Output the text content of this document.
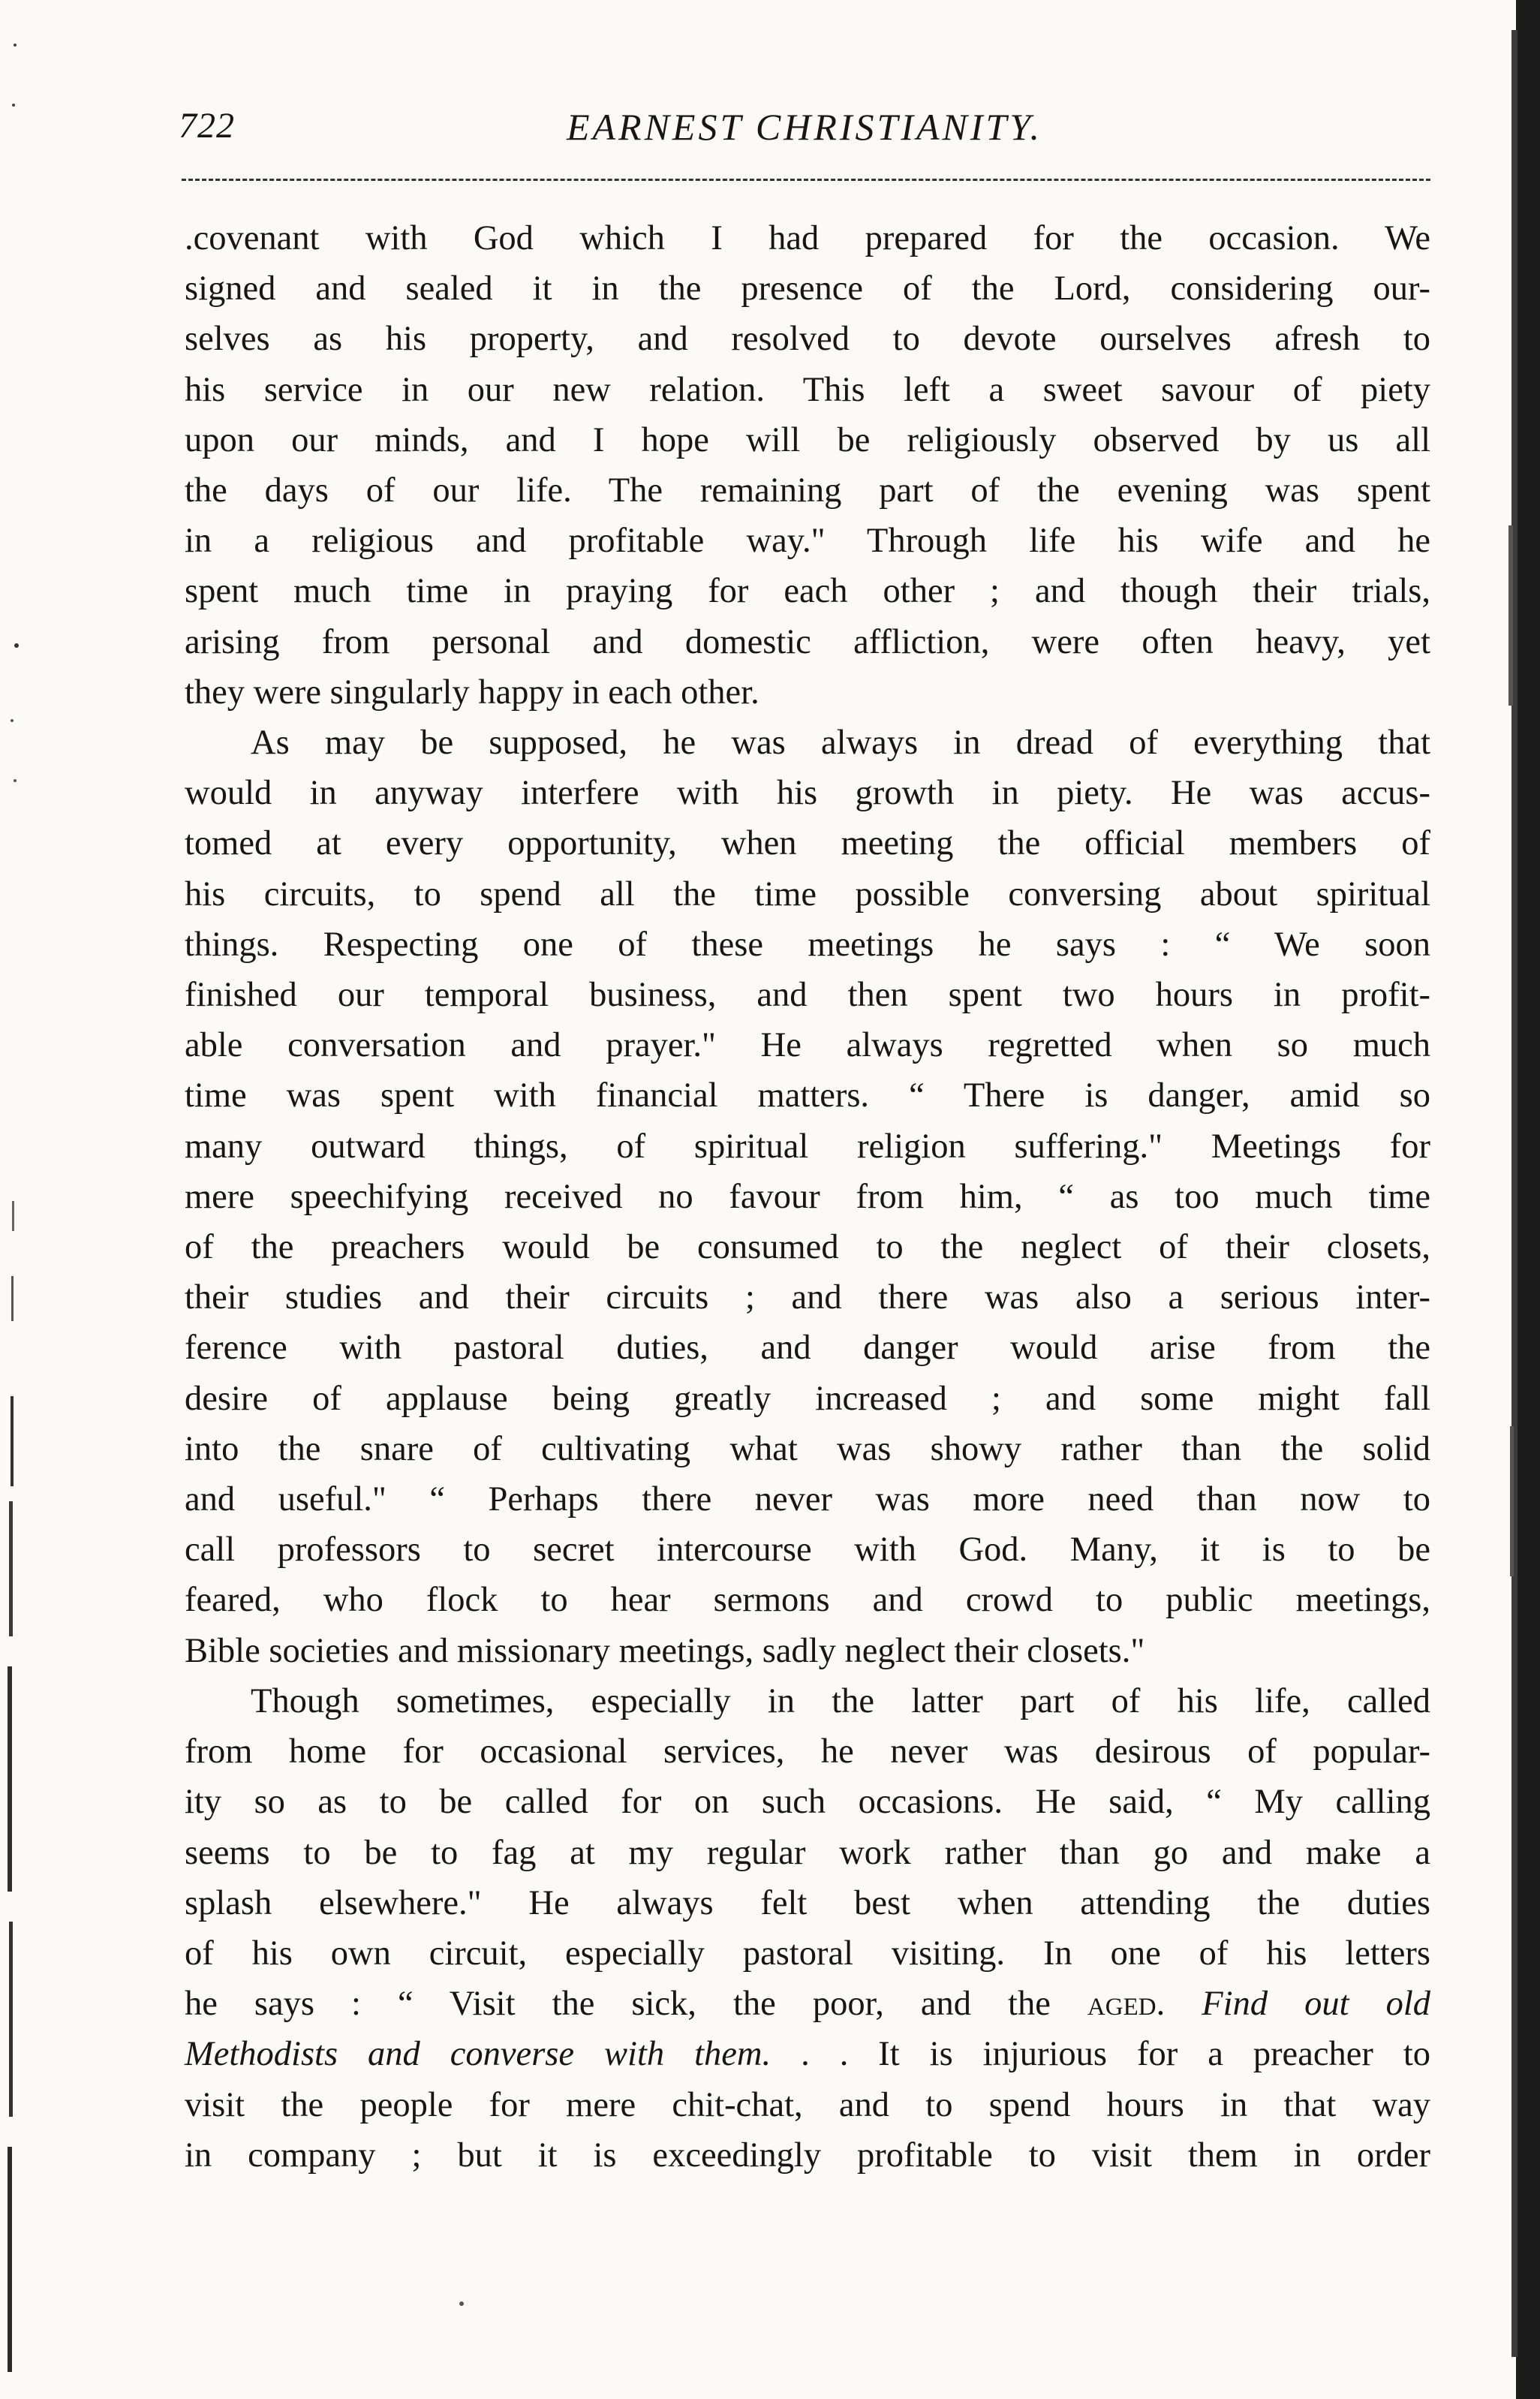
722	EARNEST CHRISTIANITY.

.covenant with God which I had prepared for the occasion. We
signed and sealed it in the presence of the Lord, considering our-
selves as his property, and resolved to devote ourselves afresh to
his service in our new relation. This left a sweet savour of piety
upon our minds, and I hope will be religiously observed by us all
the days of our life. The remaining part of the evening was spent
in a religious and profitable way." Through life his wife and he
spent much time in praying for each other ; and though their trials,
arising from personal and domestic affliction, were often heavy, yet
they were singularly happy in each other.

As may be supposed, he was always in dread of everything that
would in anyway interfere with his growth in piety. He was accus-
tomed at every opportunity, when meeting the official members of
his circuits, to spend all the time possible conversing about spiritual
things. Respecting one of these meetings he says : “ We soon
finished our temporal business, and then spent two hours in profit-
able conversation and prayer." He always regretted when so much
time was spent with financial matters. “ There is danger, amid so
many outward things, of spiritual religion suffering." Meetings for
mere speechifying received no favour from him, “ as too much time
of the preachers would be consumed to the neglect of their closets,
their studies and their circuits ; and there was also a serious inter-
ference with pastoral duties, and danger would arise from the
desire of applause being greatly increased ; and some might fall
into the snare of cultivating what was showy rather than the solid
and useful." “ Perhaps there never was more need than now to
call professors to secret intercourse with God. Many, it is to be
feared, who flock to hear sermons and crowd to public meetings,
Bible societies and missionary meetings, sadly neglect their closets."

Though sometimes, especially in the latter part of his life, called
from home for occasional services, he never was desirous of popular-
ity so as to be called for on such occasions. He said, “ My calling
seems to be to fag at my regular work rather than go and make a
splash elsewhere." He always felt best when attending the duties
of his own circuit, especially pastoral visiting. In one of his letters
he says : “ Visit the sick, the poor, and the aged. Find out old
Methodists and converse with them. . . It is injurious for a preacher to
visit the people for mere chit-chat, and to spend hours in that way
in company ; but it is exceedingly profitable to visit them in order
